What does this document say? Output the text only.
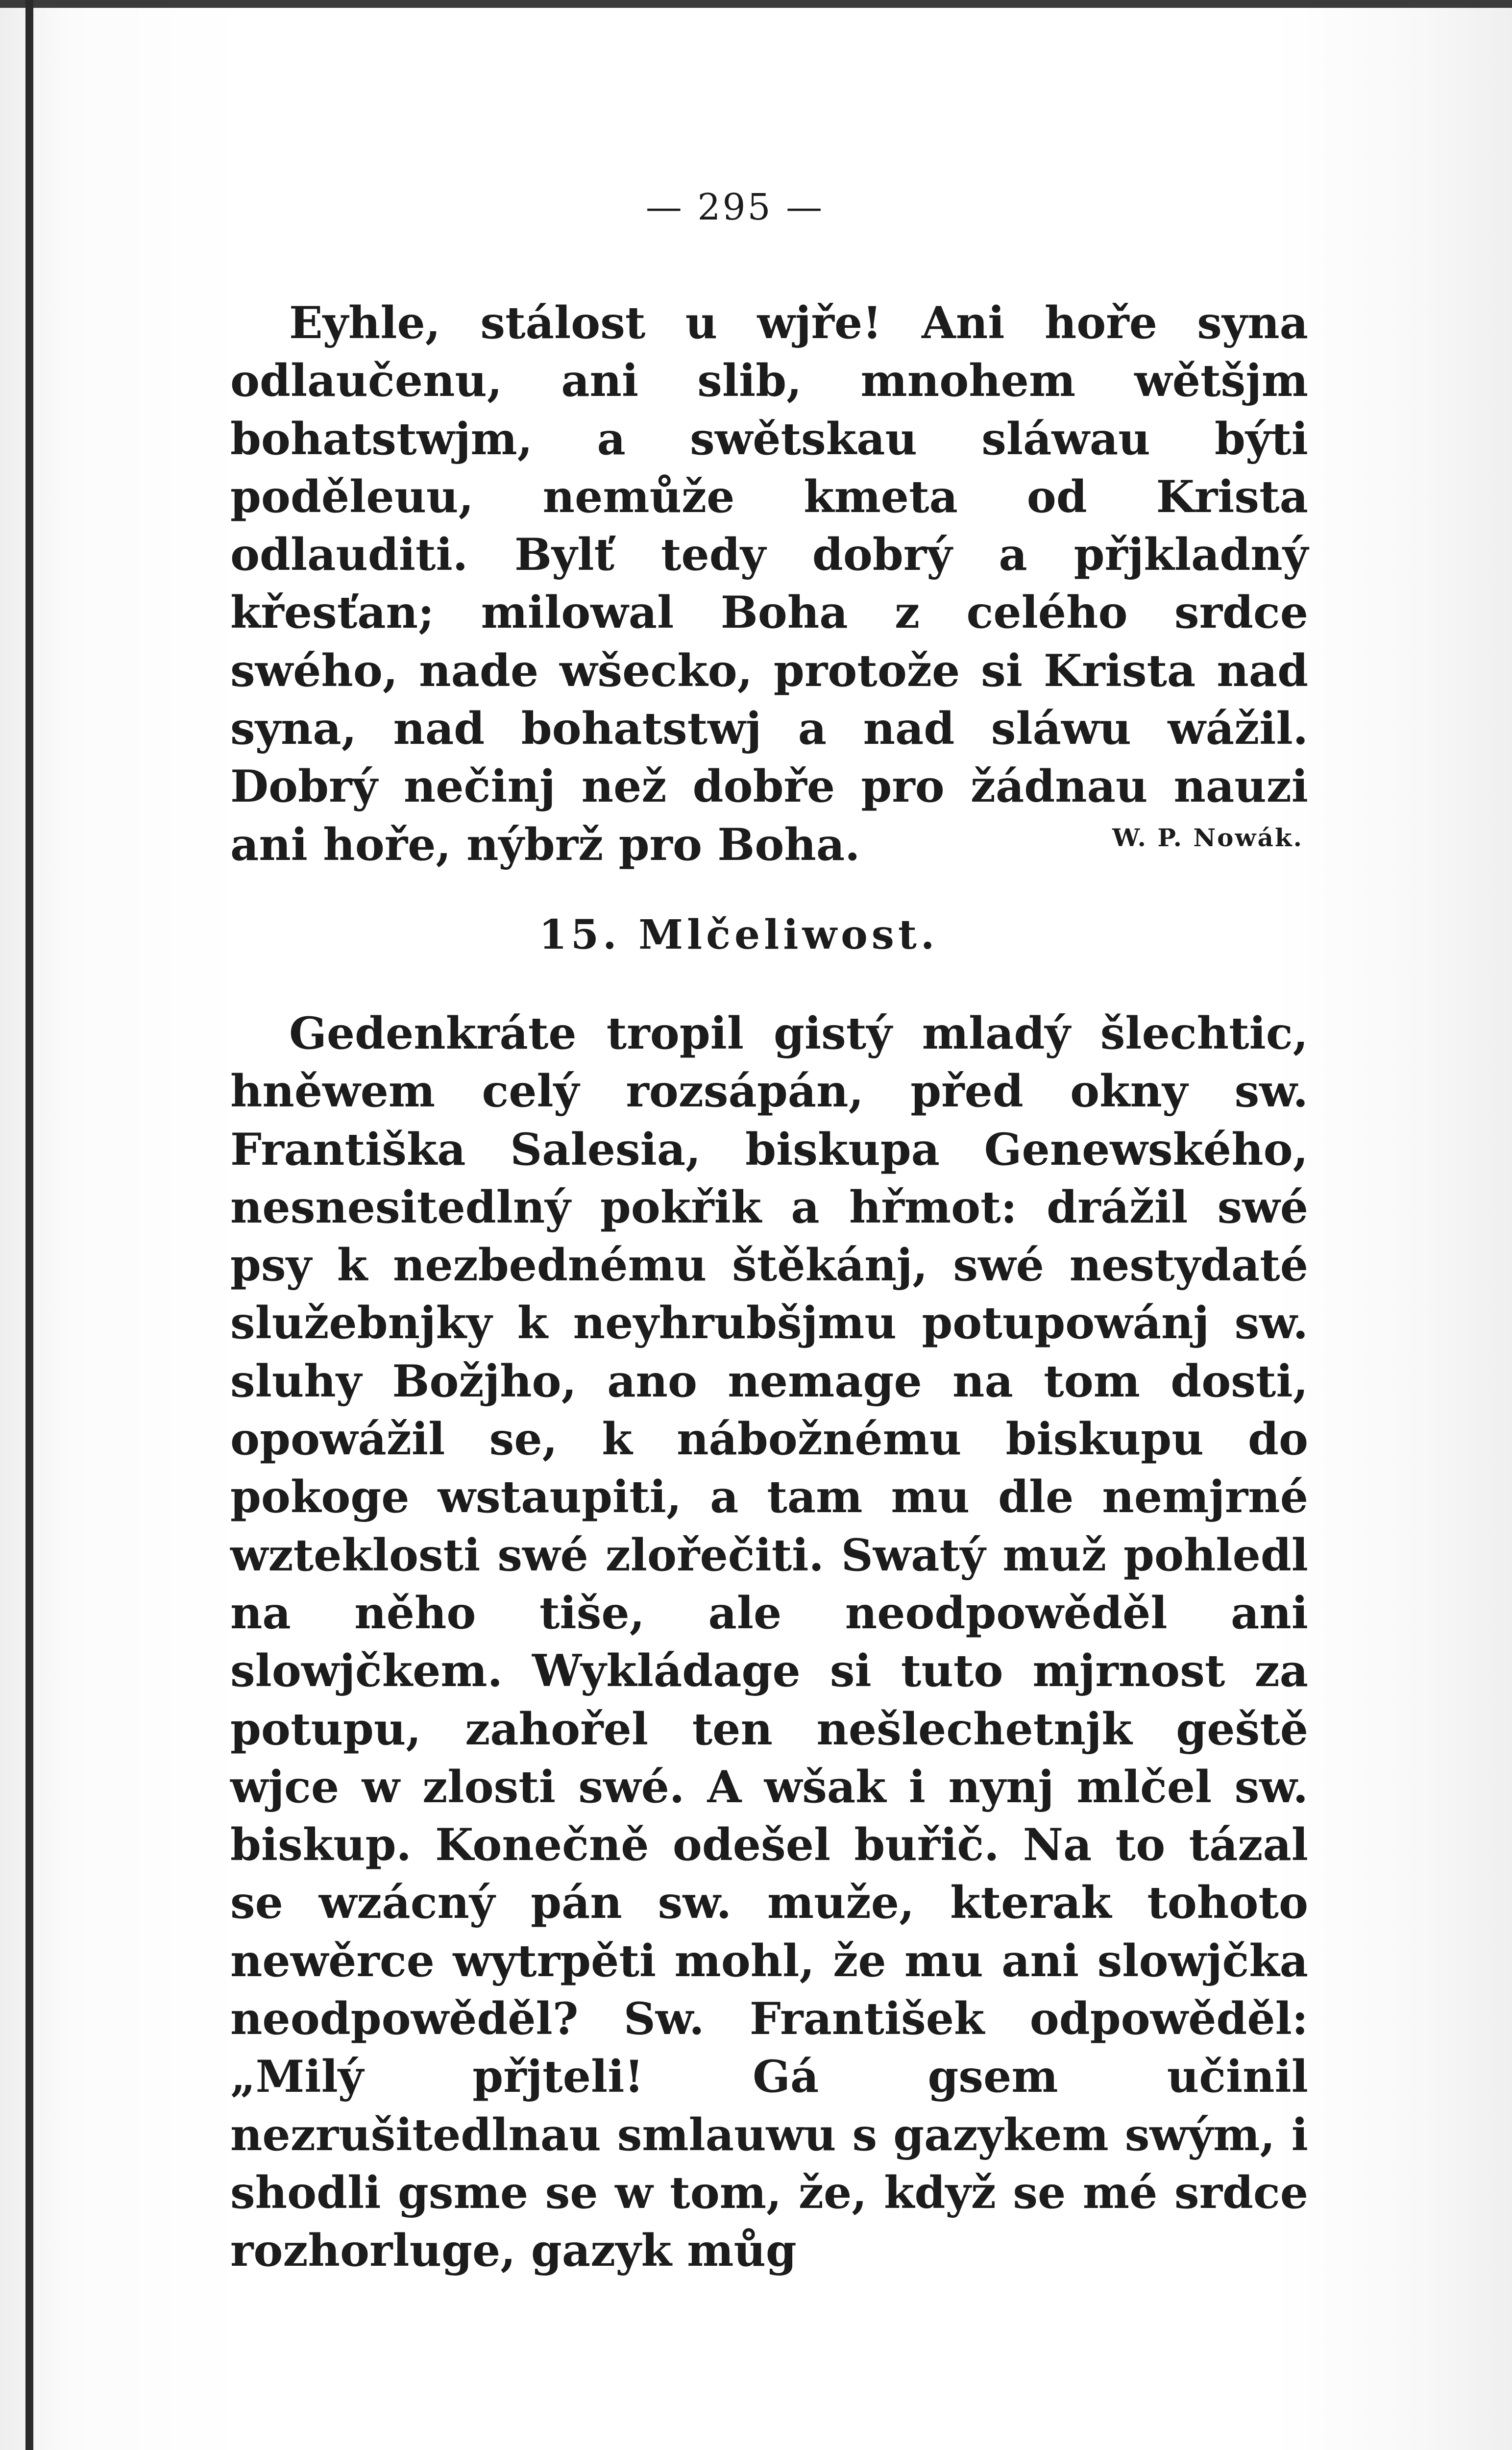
— 295 —

Eyhle, stálost u wjře! Ani hoře syna odlaučenu, ani slib, mnohem wětšjm bohatstwjm, a swětskau sláwau býti poděleuu, nemůže kmeta od Krista odlauditi. Bylť tedy dobrý a přjkladný křesťan; milowal Boha z celého srdce swého, nade wšecko, protože si Krista nad syna, nad bohatstwj a nad sláwu wážil. Dobrý nečinj než dobře pro žádnau nauzi ani hoře, nýbrž pro Boha.	W. P. Nowák.
15. Mlčeliwost.

Gedenkráte tropil gistý mladý šlechtic, hněwem celý rozsápán, před okny sw. Františka Salesia, biskupa Genewského, nesnesitedlný pokřik a hřmot: drážil swé psy k nezbednému štěkánj, swé nestydaté služebnjky k neyhrubšjmu potupowánj sw. sluhy Božjho, ano nemage na tom dosti, opowážil se, k nábožnému biskupu do pokoge wstaupiti, a tam mu dle nemjrné wzteklosti swé zlořečiti. Swatý muž pohledl na něho tiše, ale neodpowěděl ani slowjčkem. Wykládage si tuto mjrnost za potupu, zahořel ten nešlechetnjk geště wjce w zlosti swé. A wšak i nynj mlčel sw. biskup. Konečně odešel buřič. Na to tázal se wzácný pán sw. muže, kterak tohoto newěrce wytrpěti mohl, že mu ani slowjčka neodpowěděl? Sw. František odpowěděl: „Milý přjteli! Gá gsem učinil nezrušitedlnau smlauwu s gazykem swým, i shodli gsme se w tom, že, když se mé srdce rozhorluge, gazyk můg
